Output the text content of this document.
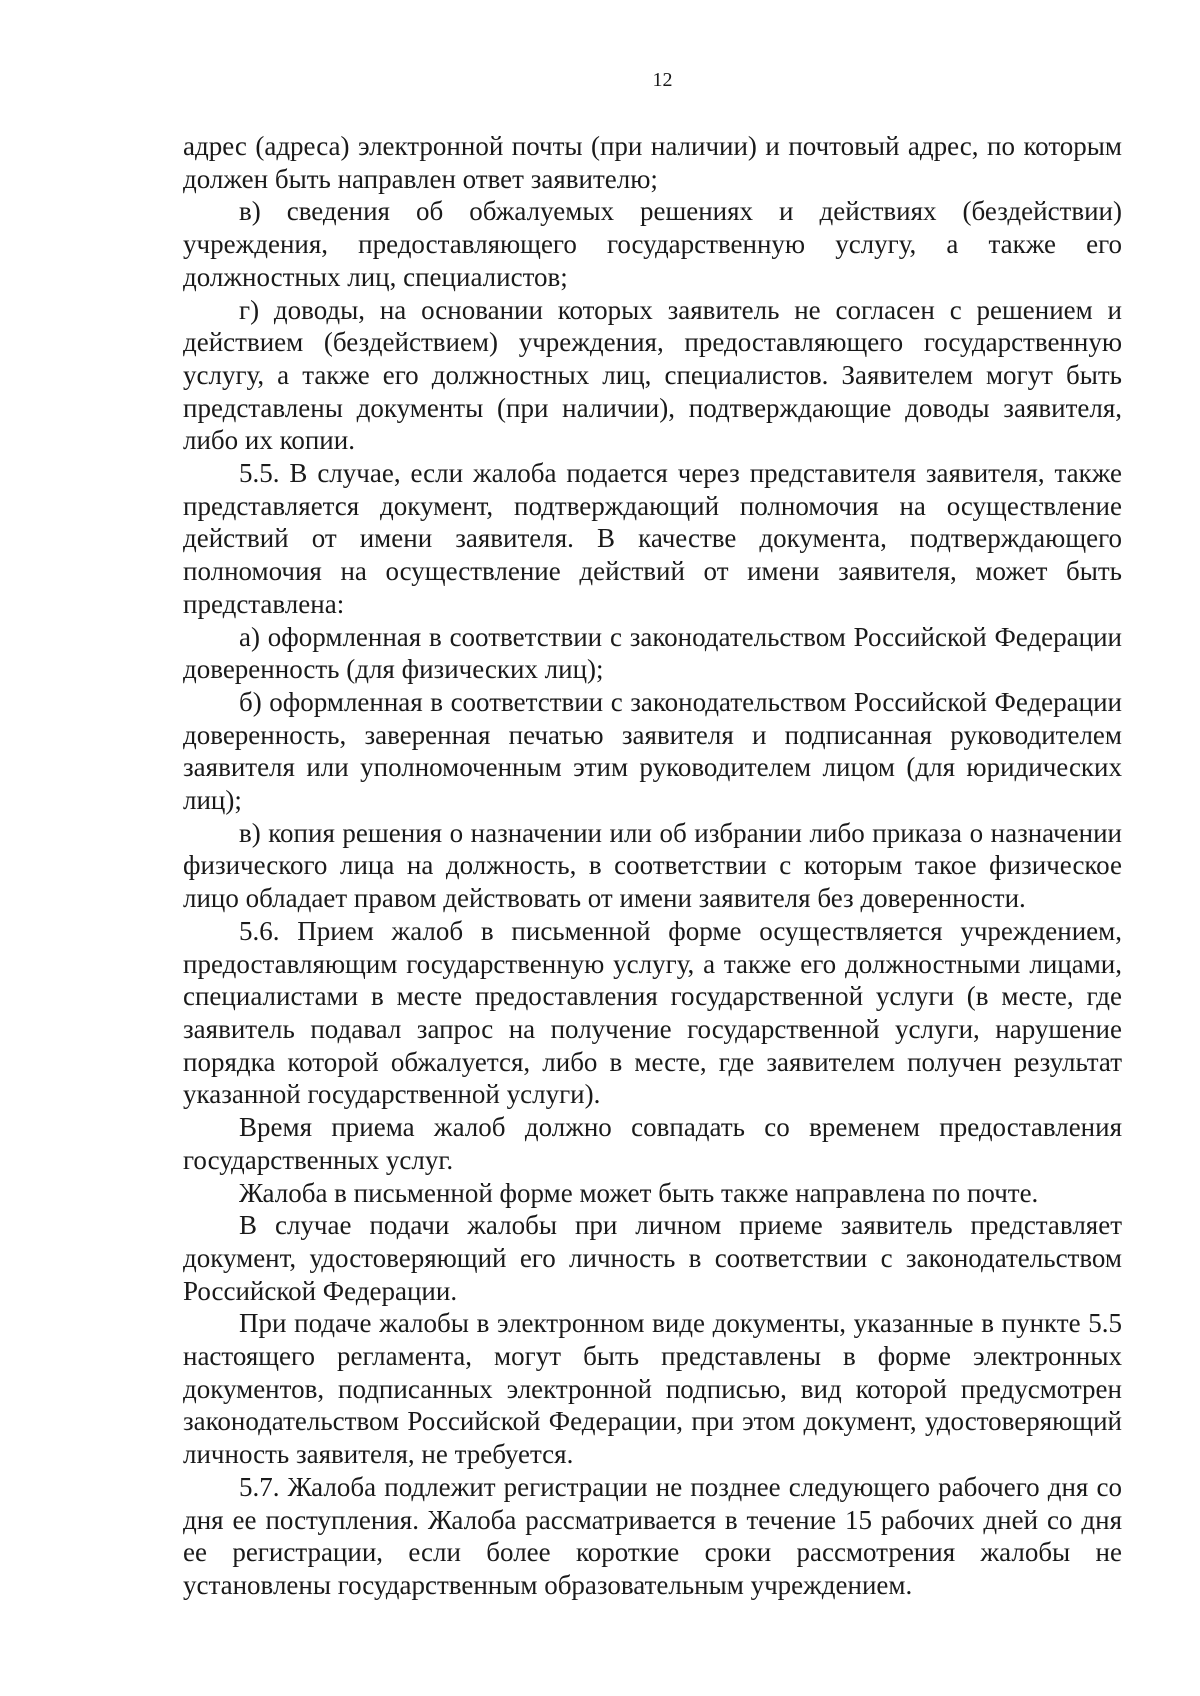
12

адрес (адреса) электронной почты (при наличии) и почтовый адрес, по которым должен быть направлен ответ заявителю;

в) сведения об обжалуемых решениях и действиях (бездействии) учреждения, предоставляющего государственную услугу, а также его должностных лиц, специалистов;

г) доводы, на основании которых заявитель не согласен с решением и действием (бездействием) учреждения, предоставляющего государственную услугу, а также его должностных лиц, специалистов. Заявителем могут быть представлены документы (при наличии), подтверждающие доводы заявителя, либо их копии.

5.5. В случае, если жалоба подается через представителя заявителя, также представляется документ, подтверждающий полномочия на осуществление действий от имени заявителя. В качестве документа, подтверждающего полномочия на осуществление действий от имени заявителя, может быть представлена:

а) оформленная в соответствии с законодательством Российской Федерации доверенность (для физических лиц);

б) оформленная в соответствии с законодательством Российской Федерации доверенность, заверенная печатью заявителя и подписанная руководителем заявителя или уполномоченным этим руководителем лицом (для юридических лиц);

в) копия решения о назначении или об избрании либо приказа о назначении физического лица на должность, в соответствии с которым такое физическое лицо обладает правом действовать от имени заявителя без доверенности.

5.6. Прием жалоб в письменной форме осуществляется учреждением, предоставляющим государственную услугу, а также его должностными лицами, специалистами в месте предоставления государственной услуги (в месте, где заявитель подавал запрос на получение государственной услуги, нарушение порядка которой обжалуется, либо в месте, где заявителем получен результат указанной государственной услуги).

Время приема жалоб должно совпадать со временем предоставления государственных услуг.

Жалоба в письменной форме может быть также направлена по почте.

В случае подачи жалобы при личном приеме заявитель представляет документ, удостоверяющий его личность в соответствии с законодательством Российской Федерации.

При подаче жалобы в электронном виде документы, указанные в пункте 5.5 настоящего регламента, могут быть представлены в форме электронных документов, подписанных электронной подписью, вид которой предусмотрен законодательством Российской Федерации, при этом документ, удостоверяющий личность заявителя, не требуется.

5.7. Жалоба подлежит регистрации не позднее следующего рабочего дня со дня ее поступления. Жалоба рассматривается в течение 15 рабочих дней со дня ее регистрации, если более короткие сроки рассмотрения жалобы не установлены государственным образовательным учреждением.
